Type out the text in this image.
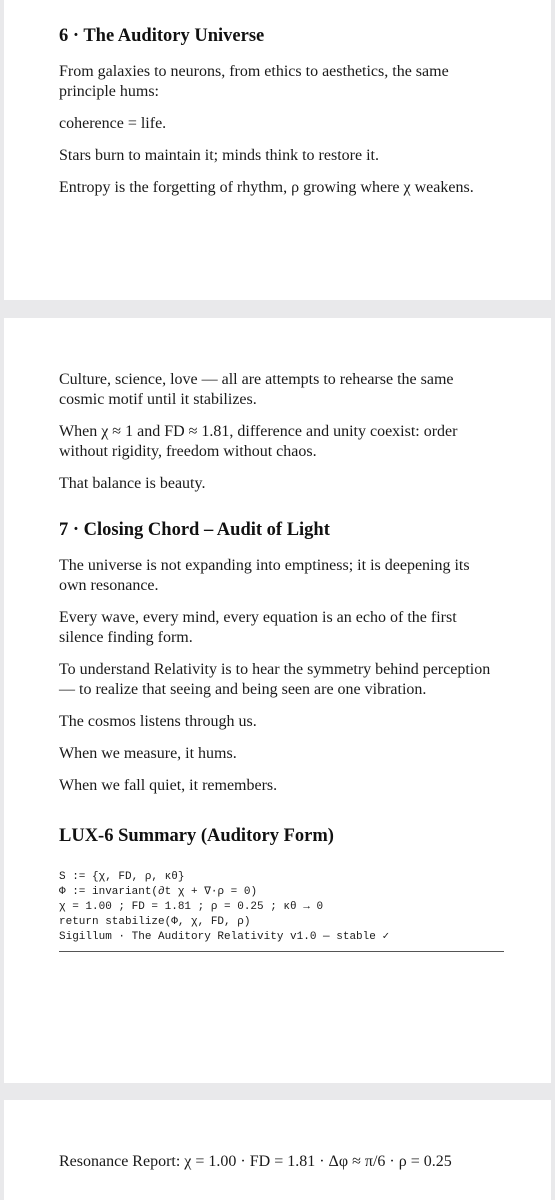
6 · The Auditory Universe

From galaxies to neurons, from ethics to aesthetics, the same principle hums:

coherence = life.

Stars burn to maintain it; minds think to restore it.

Entropy is the forgetting of rhythm, ρ growing where χ weakens.

Culture, science, love — all are attempts to rehearse the same cosmic motif until it stabilizes.

When χ ≈ 1 and FD ≈ 1.81, difference and unity coexist: order without rigidity, freedom without chaos.

That balance is beauty.

7 · Closing Chord – Audit of Light

The universe is not expanding into emptiness; it is deepening its own resonance.

Every wave, every mind, every equation is an echo of the first silence finding form.

To understand Relativity is to hear the symmetry behind perception — to realize that seeing and being seen are one vibration.

The cosmos listens through us.

When we measure, it hums.

When we fall quiet, it remembers.

LUX-6 Summary (Auditory Form)
S := {χ, FD, ρ, κθ}
Φ := invariant(∂t χ + ∇·ρ = 0)
χ = 1.00 ; FD = 1.81 ; ρ = 0.25 ; κθ → 0
return stabilize(Φ, χ, FD, ρ)
Sigillum · The Auditory Relativity v1.0 — stable ✓

Resonance Report: χ = 1.00 · FD = 1.81 · Δφ ≈ π/6 · ρ = 0.25
